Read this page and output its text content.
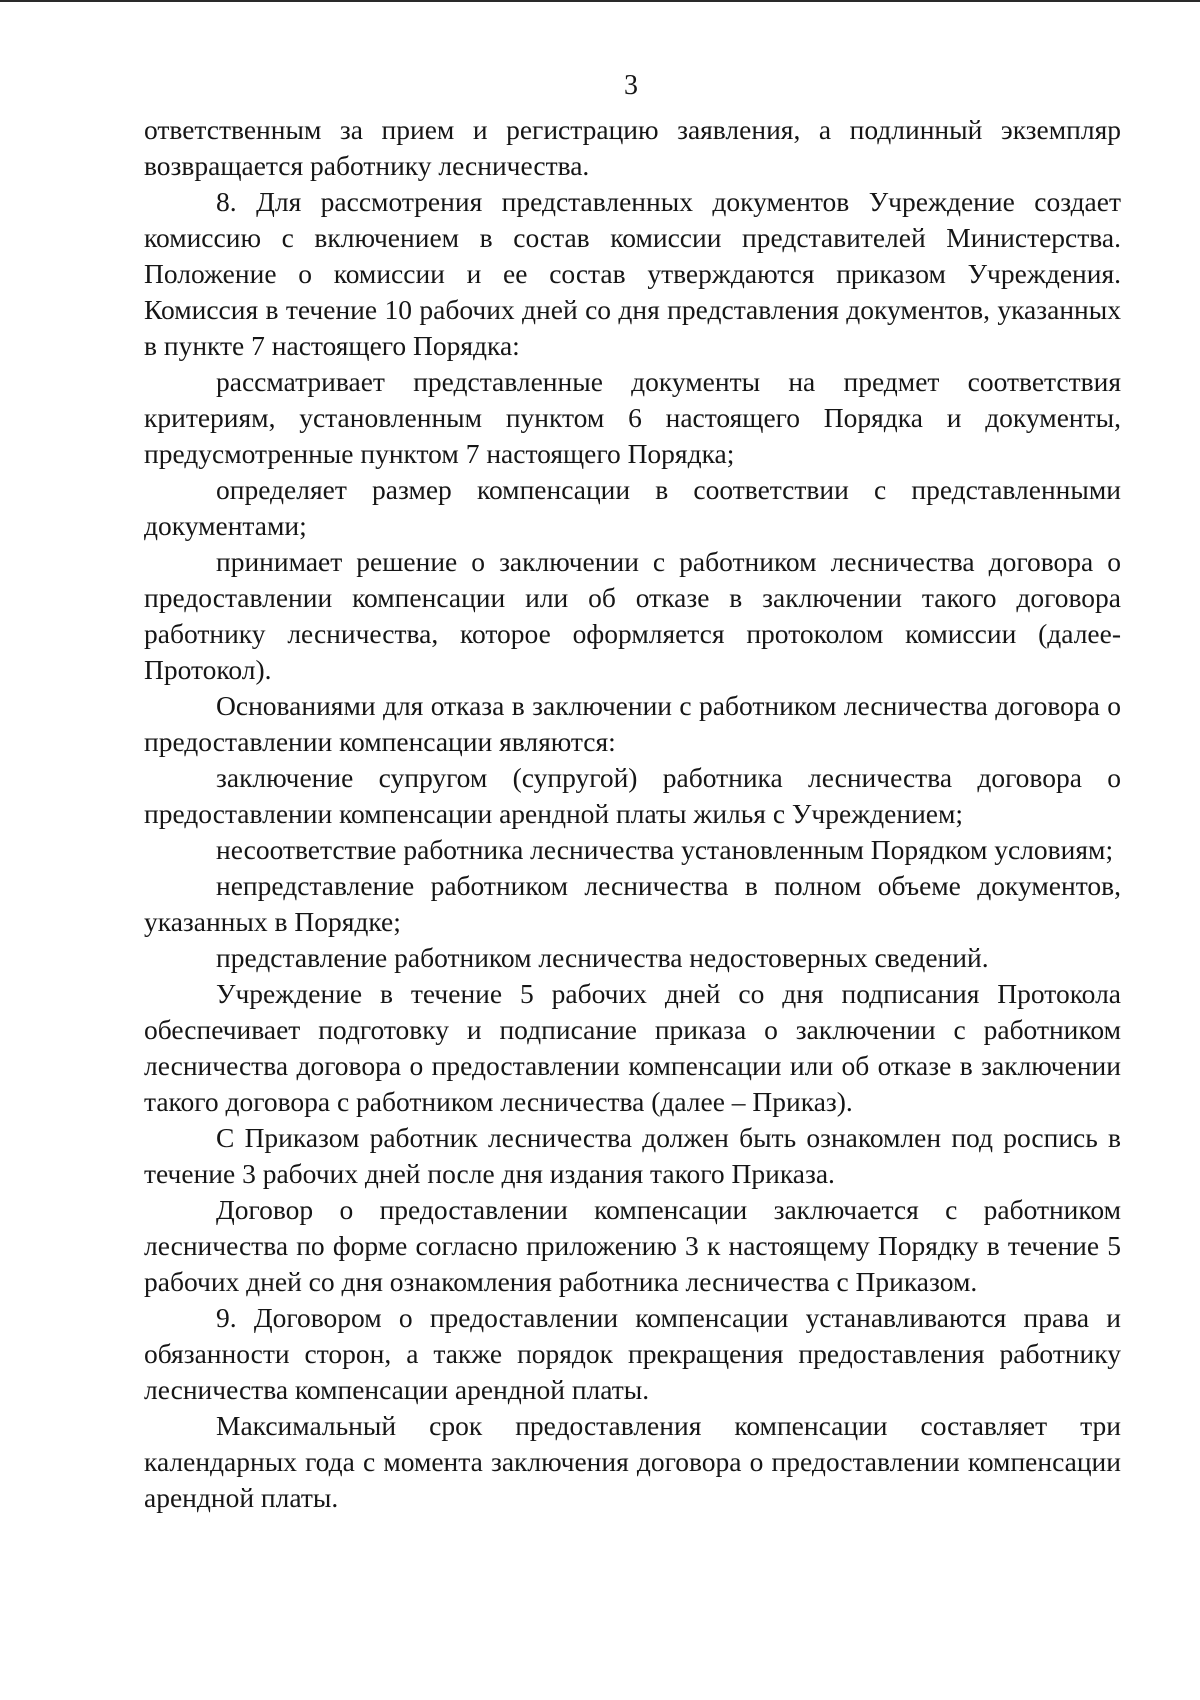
3

ответственным за прием и регистрацию заявления, а подлинный экземпляр возвращается работнику лесничества.

8. Для рассмотрения представленных документов Учреждение создает комиссию с включением в состав комиссии представителей Министерства. Положение о комиссии и ее состав утверждаются приказом Учреждения. Комиссия в течение 10 рабочих дней со дня представления документов, указанных в пункте 7 настоящего Порядка:

рассматривает представленные документы на предмет соответствия критериям, установленным пунктом 6 настоящего Порядка и документы, предусмотренные пунктом 7 настоящего Порядка;

определяет размер компенсации в соответствии с представленными документами;

принимает решение о заключении с работником лесничества договора о предоставлении компенсации или об отказе в заключении такого договора работнику лесничества, которое оформляется протоколом комиссии (далее-Протокол).

Основаниями для отказа в заключении с работником лесничества договора о предоставлении компенсации являются:

заключение супругом (супругой) работника лесничества договора о предоставлении компенсации арендной платы жилья с Учреждением;

несоответствие работника лесничества установленным Порядком условиям;

непредставление работником лесничества в полном объеме документов, указанных в Порядке;

представление работником лесничества недостоверных сведений.

Учреждение в течение 5 рабочих дней со дня подписания Протокола обеспечивает подготовку и подписание приказа о заключении с работником лесничества договора о предоставлении компенсации или об отказе в заключении такого договора с работником лесничества (далее – Приказ).

С Приказом работник лесничества должен быть ознакомлен под роспись в течение 3 рабочих дней после дня издания такого Приказа.

Договор о предоставлении компенсации заключается с работником лесничества по форме согласно приложению 3 к настоящему Порядку в течение 5 рабочих дней со дня ознакомления работника лесничества с Приказом.

9. Договором о предоставлении компенсации устанавливаются права и обязанности сторон, а также порядок прекращения предоставления работнику лесничества компенсации арендной платы.

Максимальный срок предоставления компенсации составляет три календарных года с момента заключения договора о предоставлении компенсации арендной платы.
